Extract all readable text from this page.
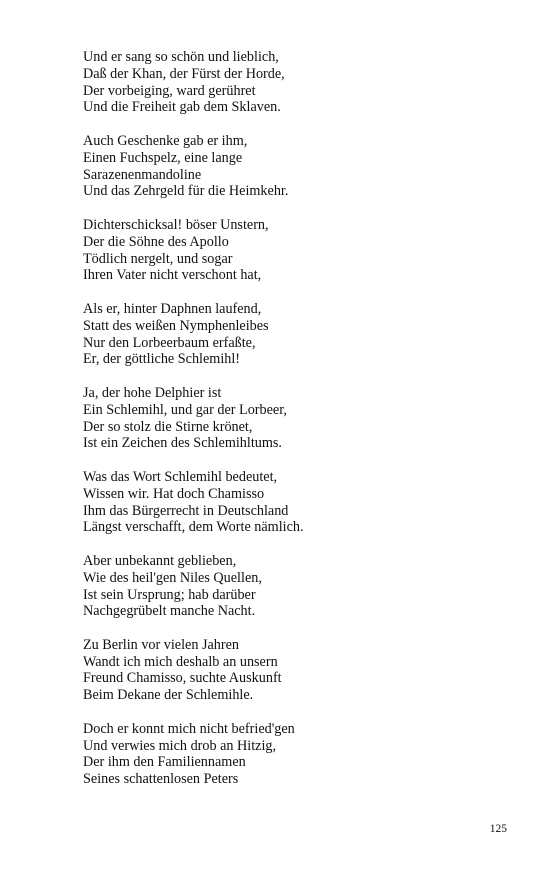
Und er sang so schön und lieblich,
Daß der Khan, der Fürst der Horde,
Der vorbeiging, ward gerühret
Und die Freiheit gab dem Sklaven.
Auch Geschenke gab er ihm,
Einen Fuchspelz, eine lange
Sarazenenmandoline
Und das Zehrgeld für die Heimkehr.
Dichterschicksal! böser Unstern,
Der die Söhne des Apollo
Tödlich nergelt, und sogar
Ihren Vater nicht verschont hat,
Als er, hinter Daphnen laufend,
Statt des weißen Nymphenleibes
Nur den Lorbeerbaum erfaßte,
Er, der göttliche Schlemihl!
Ja, der hohe Delphier ist
Ein Schlemihl, und gar der Lorbeer,
Der so stolz die Stirne krönet,
Ist ein Zeichen des Schlemihltums.
Was das Wort Schlemihl bedeutet,
Wissen wir. Hat doch Chamisso
Ihm das Bürgerrecht in Deutschland
Längst verschafft, dem Worte nämlich.
Aber unbekannt geblieben,
Wie des heil'gen Niles Quellen,
Ist sein Ursprung; hab darüber
Nachgegrübelt manche Nacht.
Zu Berlin vor vielen Jahren
Wandt ich mich deshalb an unsern
Freund Chamisso, suchte Auskunft
Beim Dekane der Schlemihle.
Doch er konnt mich nicht befried'gen
Und verwies mich drob an Hitzig,
Der ihm den Familiennamen
Seines schattenlosen Peters
125
